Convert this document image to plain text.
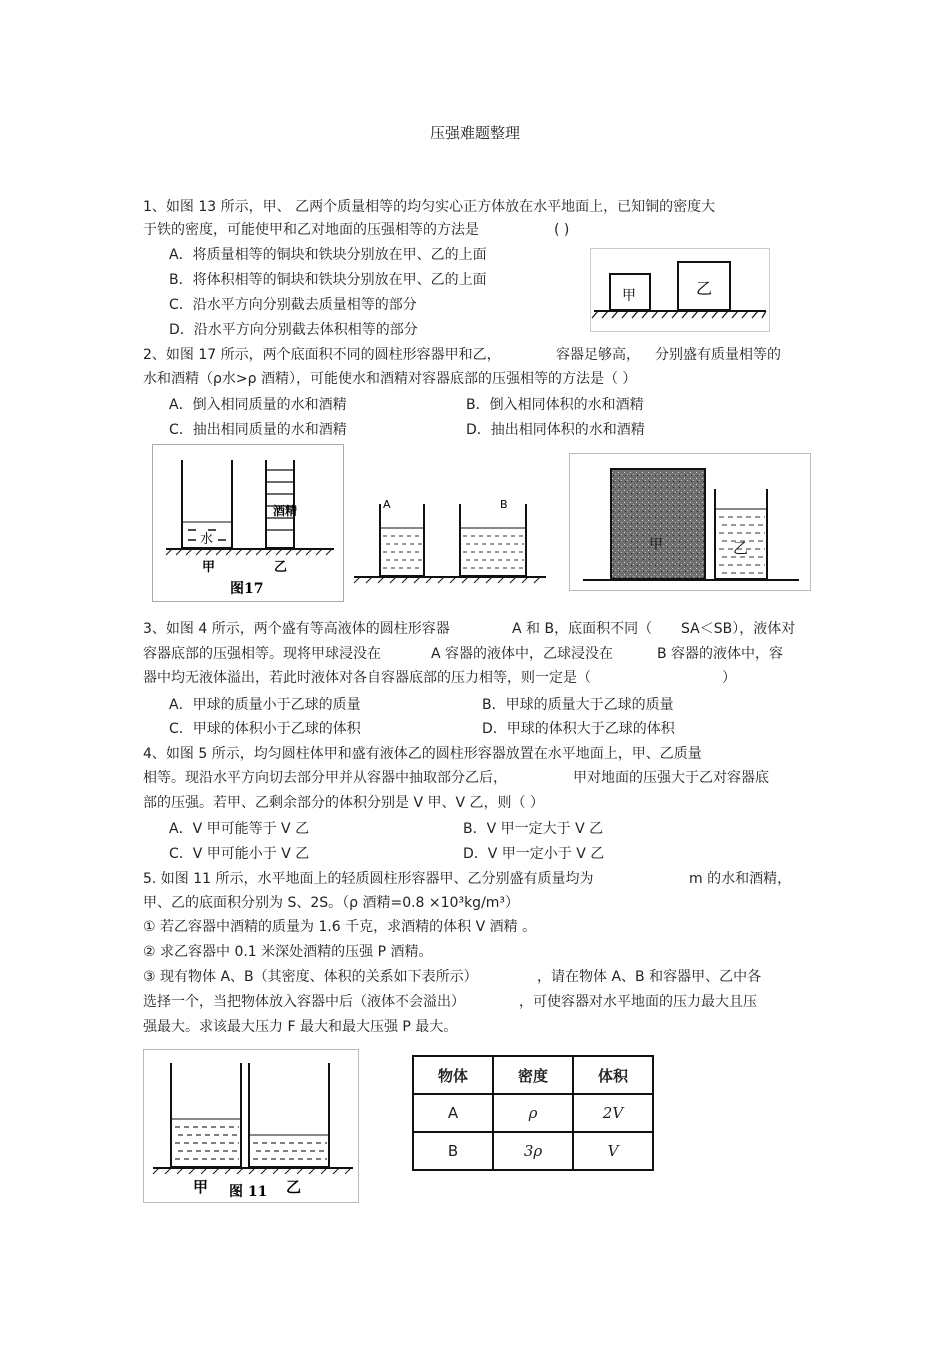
压强难题整理
1、如图 13 所示，甲、 乙两个质量相等的均匀实心正方体放在水平地面上，已知铜的密度大
于铁的密度，可能使甲和乙对地面的压强相等的方法是	( )
A．将质量相等的铜块和铁块分别放在甲、乙的上面
B．将体积相等的铜块和铁块分别放在甲、乙的上面
C．沿水平方向分别截去质量相等的部分
D．沿水平方向分别截去体积相等的部分
甲	乙
2、如图 17 所示，两个底面积不同的圆柱形容器甲和乙，	容器足够高， 分别盛有质量相等的
水和酒精（ρ水>ρ 酒精），可能使水和酒精对容器底部的压强相等的方法是（ ）
A．倒入相同质量的水和酒精	B．倒入相同体积的水和酒精
C．抽出相同质量的水和酒精	D．抽出相同体积的水和酒精
水
酒精
甲	乙
图17
A	B
甲	乙
3、如图 4 所示，两个盛有等高液体的圆柱形容器	A 和 B，底面积不同（ SA＜SB），液体对
容器底部的压强相等。现将甲球浸没在	A 容器的液体中，乙球浸没在	B 容器的液体中，容
器中均无液体溢出，若此时液体对各自容器底部的压力相等，则一定是（	）
A．甲球的质量小于乙球的质量	B．甲球的质量大于乙球的质量
C．甲球的体积小于乙球的体积	D．甲球的体积大于乙球的体积
4、如图 5 所示，均匀圆柱体甲和盛有液体乙的圆柱形容器放置在水平地面上，甲、乙质量
相等。现沿水平方向切去部分甲并从容器中抽取部分乙后，	甲对地面的压强大于乙对容器底
部的压强。若甲、乙剩余部分的体积分别是 V 甲、V 乙，则（ ）
A．V 甲可能等于 V 乙	B．V 甲一定大于 V 乙
C．V 甲可能小于 V 乙	D．V 甲一定小于 V 乙
5. 如图 11 所示，水平地面上的轻质圆柱形容器甲、乙分别盛有质量均为	m 的水和酒精，
甲、乙的底面积分别为 S、2S。（ρ 酒精=0.8 ×10³kg/m³）
① 若乙容器中酒精的质量为 1.6 千克，求酒精的体积 V 酒精 。
② 求乙容器中 0.1 米深处酒精的压强 P 酒精。
③ 现有物体 A、B（其密度、体积的关系如下表所示）	，请在物体 A、B 和容器甲、乙中各
选择一个，当把物体放入容器中后（液体不会溢出）	，可使容器对水平地面的压力最大且压
强最大。求该最大压力 F 最大和最大压强 P 最大。
甲 图 11 乙
物体	密度	体积
A	ρ	2V
B	3ρ	V
